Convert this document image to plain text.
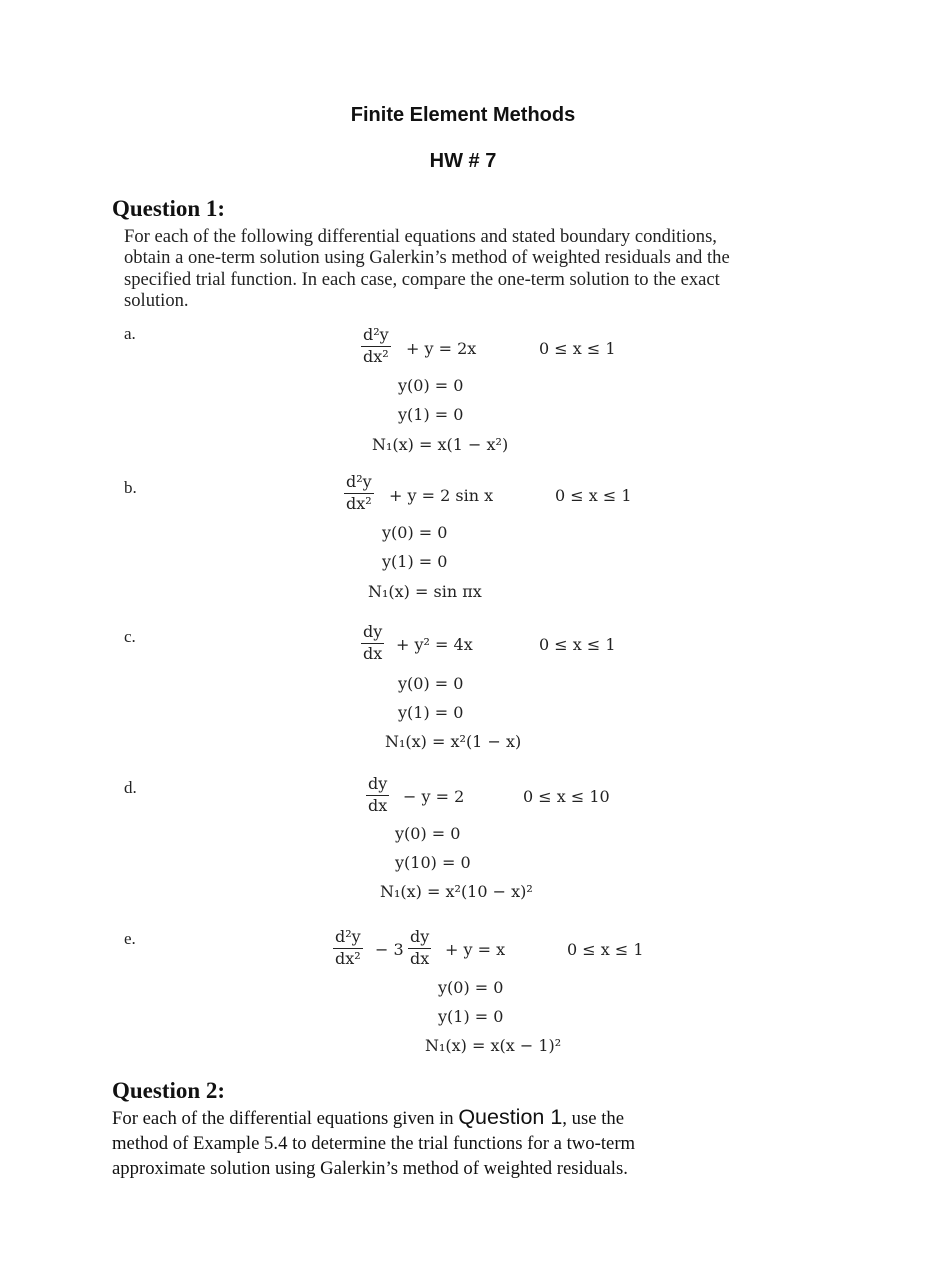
Finite Element Methods
HW # 7
Question 1:
For each of the following differential equations and stated boundary conditions,
obtain a one-term solution using Galerkin’s method of weighted residuals and the
specified trial function. In each case, compare the one-term solution to the exact
solution.
a.	d²y
dx² + y = 2x	0 ≤ x ≤ 1
y(0) = 0
y(1) = 0
N₁(x) = x(1 − x²)
b.	d²y
dx² + y = 2 sin x	0 ≤ x ≤ 1
y(0) = 0
y(1) = 0
N₁(x) = sin πx
c.	dy
dx + y² = 4x	0 ≤ x ≤ 1
y(0) = 0
y(1) = 0
N₁(x) = x²(1 − x)
d.	dy
dx − y = 2	0 ≤ x ≤ 10
y(0) = 0
y(10) = 0
N₁(x) = x²(10 − x)²
e.	d²y
dx² − 3
dy
dx + y = x	0 ≤ x ≤ 1
y(0) = 0
y(1) = 0
N₁(x) = x(x − 1)²
Question 2:
For each of the differential equations given in Question 1, use the
method of Example 5.4 to determine the trial functions for a two-term
approximate solution using Galerkin’s method of weighted residuals.
